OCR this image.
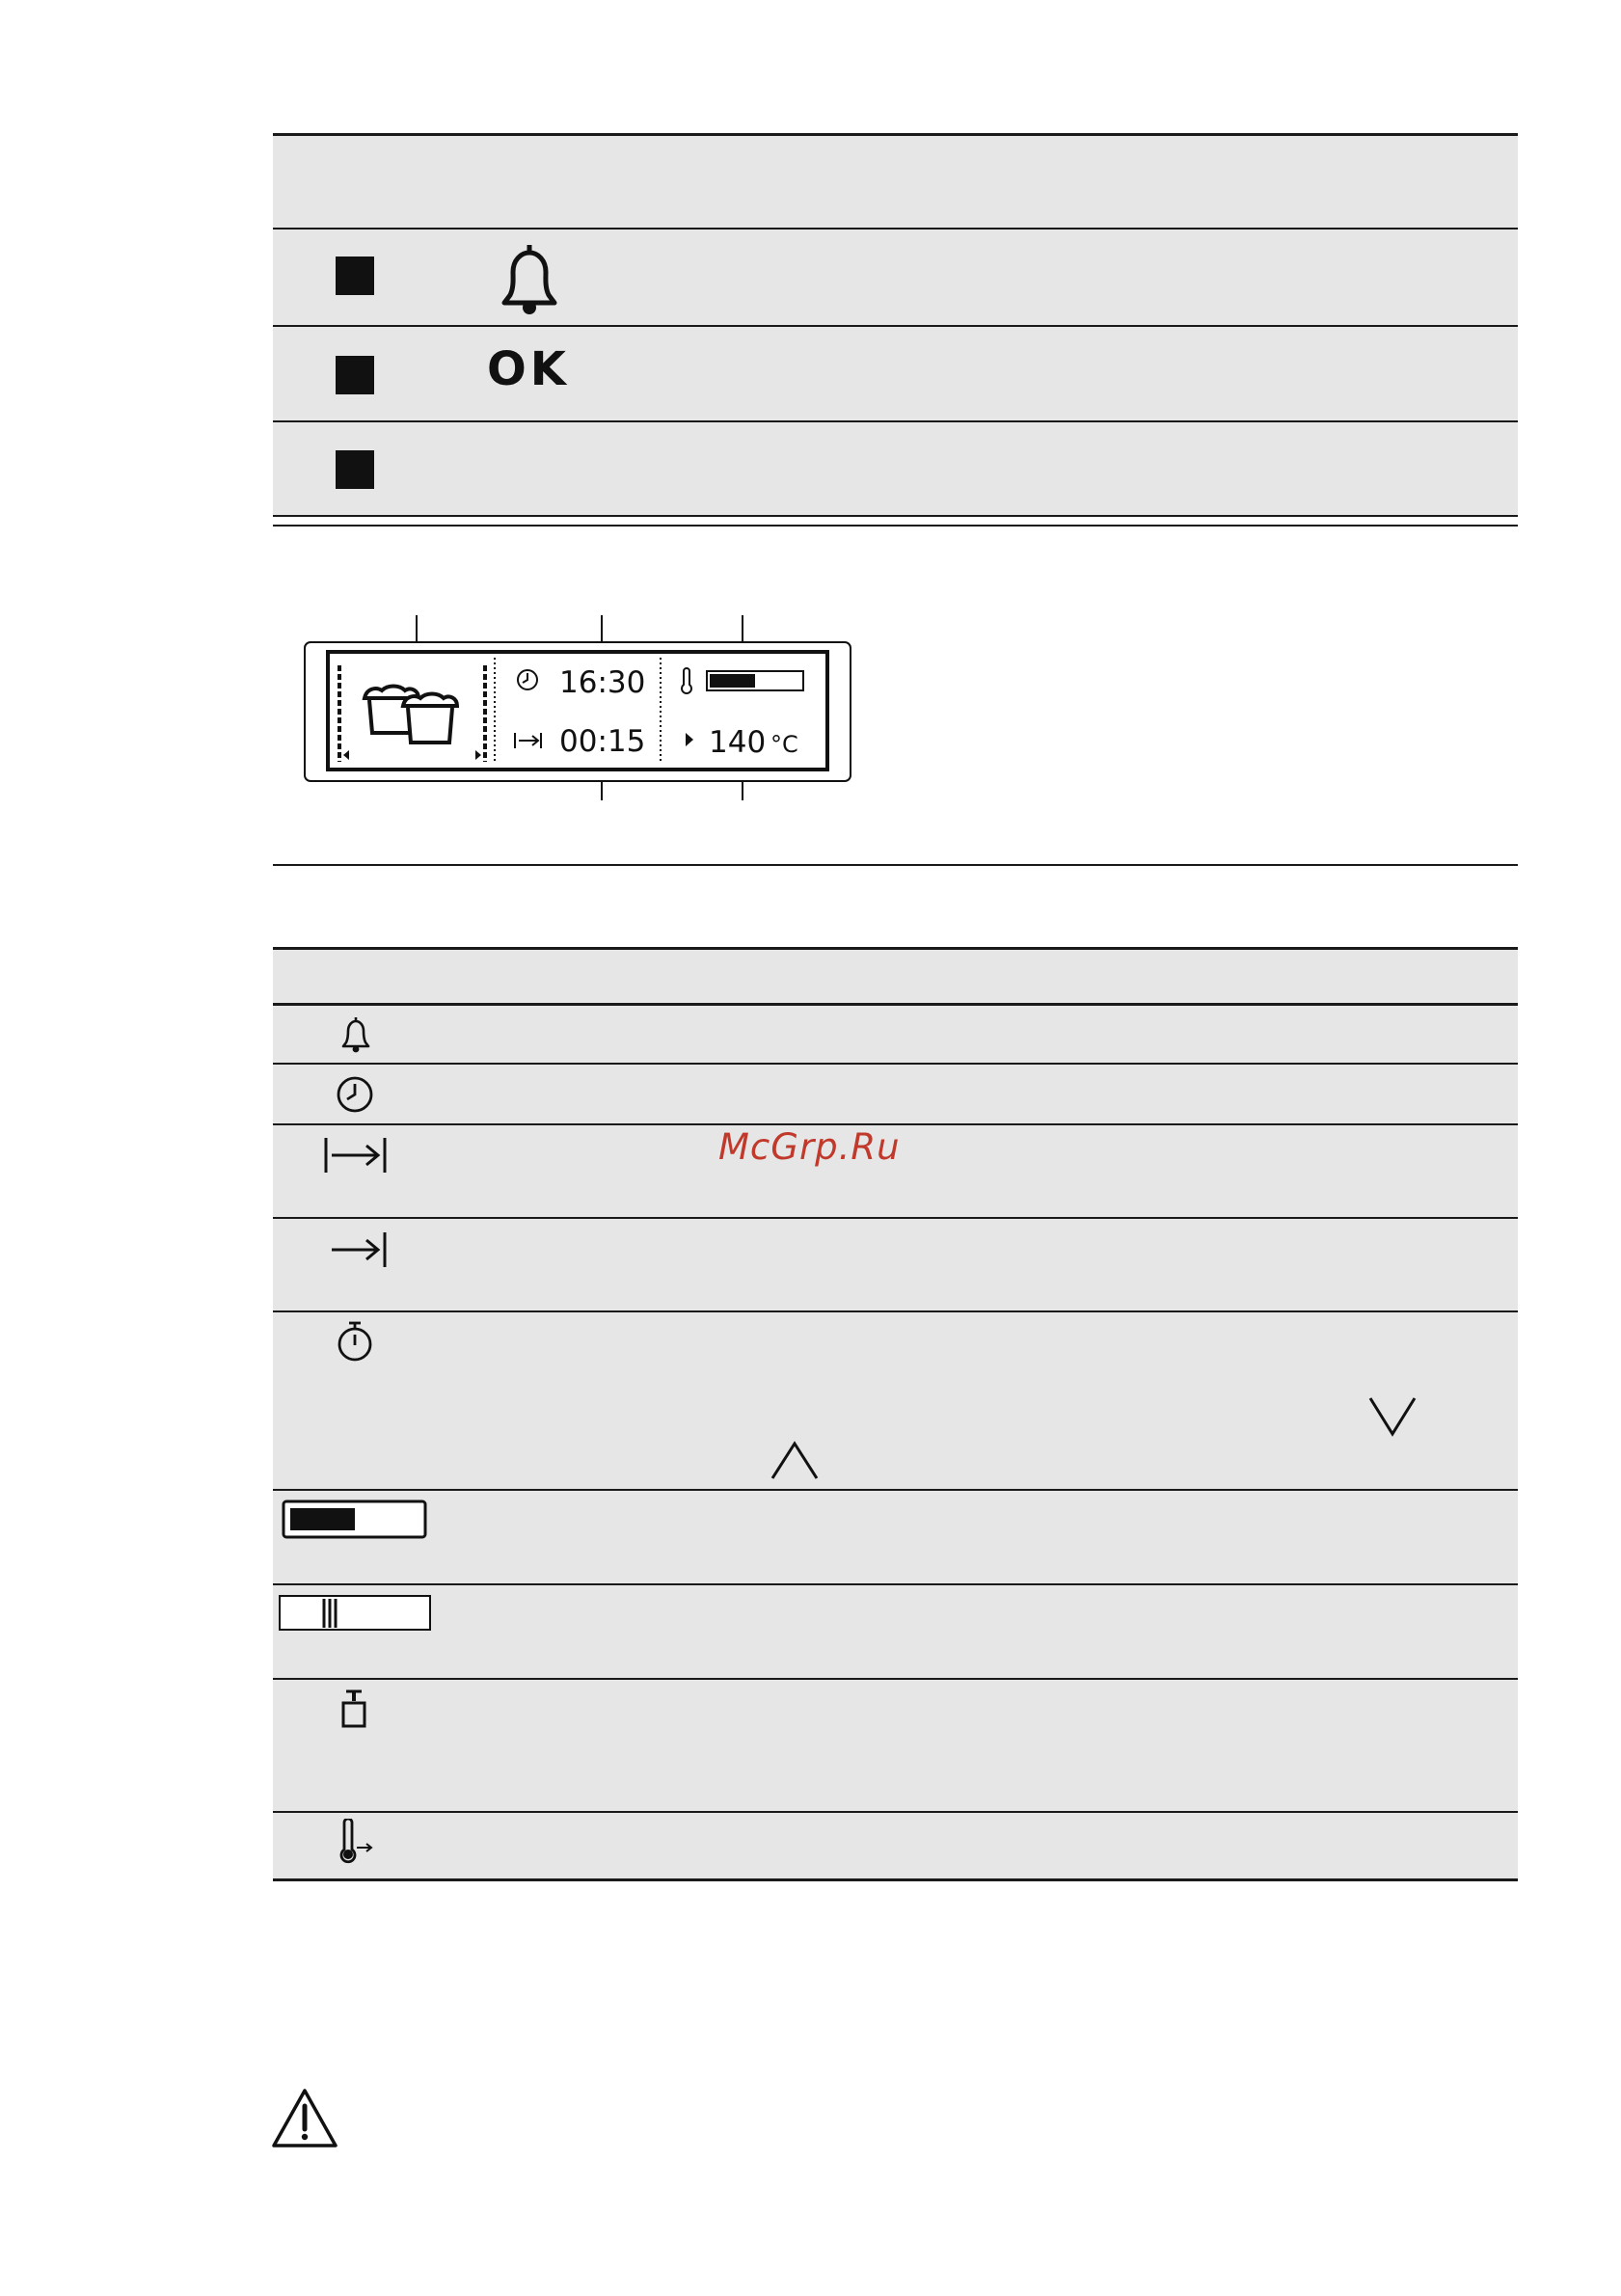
OK
16:30
00:15 140 °C
McGrp.Ru
